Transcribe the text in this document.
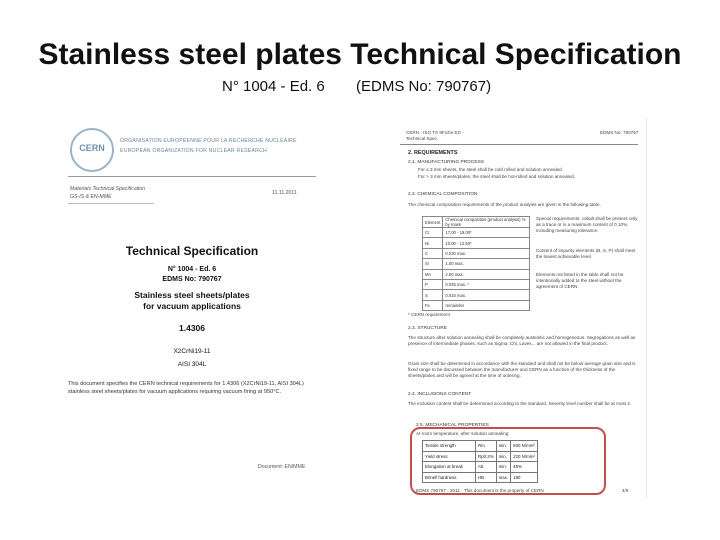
Stainless steel plates Technical Specification
N° 1004 - Ed. 6 (EDMS No: 790767)
CERN
ORGANISATION EUROPÉENNE POUR LA RECHERCHE NUCLÉAIRE
EUROPEAN ORGANIZATION FOR NUCLEAR RESEARCH
Materials Technical Specification
GS-IS & EN-MME
11.11.2011
Technical Specification
N° 1004 - Ed. 6
EDMS No: 790767
Stainless steel sheets/plates
for vacuum applications
1.4306
X2CrNi19-11
AISI 304L
This document specifies the CERN technical requirements for 1.4306 (X2CrNi19-11, AISI 304L) stainless steel sheets/plates for vacuum applications requiring vacuum firing at 950°C.
Document: EN/MME
CERN - ISO TS 8Fiche ED -
Technical Spec.
EDMS No: 790767
2. REQUIREMENTS
2.1. MANUFACTURING PROCESS
For ≤ 3 mm sheets, the steel shall be cold rolled and solution annealed.
For > 3 mm sheets/plates, the steel shall be hot-rolled and solution annealed.
2.2. CHEMICAL COMPOSITION
The chemical composition requirements of the product analysis are given in the following table.
Element	Chemical composition (product analysis) % by mass
Cr	17.00 - 19.00*
Ni	10.00 - 12.50*
C	0.030 max.
Si	1.00 max.
Mn	2.00 max.
P	0.045 max. *
S	0.015 max.
Fe	remainder
Special requirements: cobalt shall be present only as a trace or in a maximum content of 0.10%, including measuring tolerance.
Content of impurity elements (B, S, P) shall meet the lowest achievable level.
Elements not listed in the table shall not be intentionally added to the steel without the agreement of CERN.
* CERN requirement
2.3. STRUCTURE
The structure after solution annealing shall be completely austenitic and homogeneous. Segregations as well as presence of intermediate phases, such as Sigma, Chi, Laves... are not allowed in the final product.
Grain size shall be determined in accordance with the standard and shall not be below average grain size and is fixed range to be discussed between the manufacturer and CERN as a function of the thickness of the sheets/plates and will be agreed at the time of ordering.
2.4. INCLUSIONS CONTENT
The inclusion content shall be determined according to the standard, Severity level number shall be at most 2.
2.5. MECHANICAL PROPERTIES
At room temperature, after solution annealing:
Tensile strength	Rm	min.	500 N/mm²
Yield stress	Rp0.2%	min.	220 N/mm²
Elongation at break	A5	min.	45%
Brinell hardness	HB	max.	180
EDMS 790767 · 2011 · This document is the property of CERN	4/9
